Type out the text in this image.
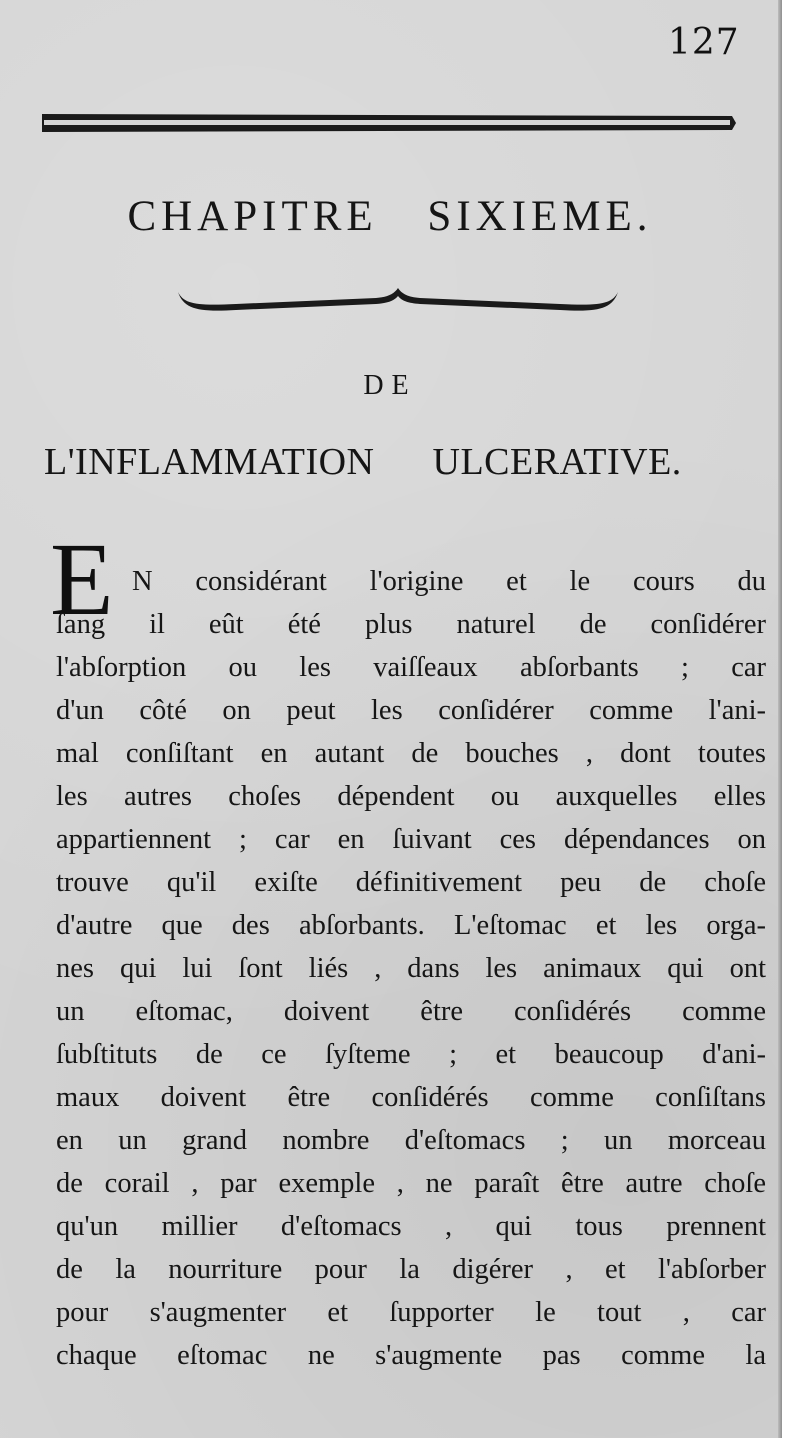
127
CHAPITRE SIXIEME.
DE
L'INFLAMMATION ULCERATIVE.
E N considérant l'origine et le cours du
ſang il eût été plus naturel de conſidérer
l'abſorption ou les vaiſſeaux abſorbants ; car
d'un côté on peut les conſidérer comme l'ani-
mal conſiſtant en autant de bouches , dont toutes
les autres choſes dépendent ou auxquelles elles
appartiennent ; car en ſuivant ces dépendances on
trouve qu'il exiſte définitivement peu de choſe
d'autre que des abſorbants. L'eſtomac et les orga-
nes qui lui ſont liés , dans les animaux qui ont
un eſtomac, doivent être conſidérés comme
ſubſtituts de ce ſyſteme ; et beaucoup d'ani-
maux doivent être conſidérés comme conſiſtans
en un grand nombre d'eſtomacs ; un morceau
de corail , par exemple , ne paraît être autre choſe
qu'un millier d'eſtomacs , qui tous prennent
de la nourriture pour la digérer , et l'abſorber
pour s'augmenter et ſupporter le tout , car
chaque eſtomac ne s'augmente pas comme la
